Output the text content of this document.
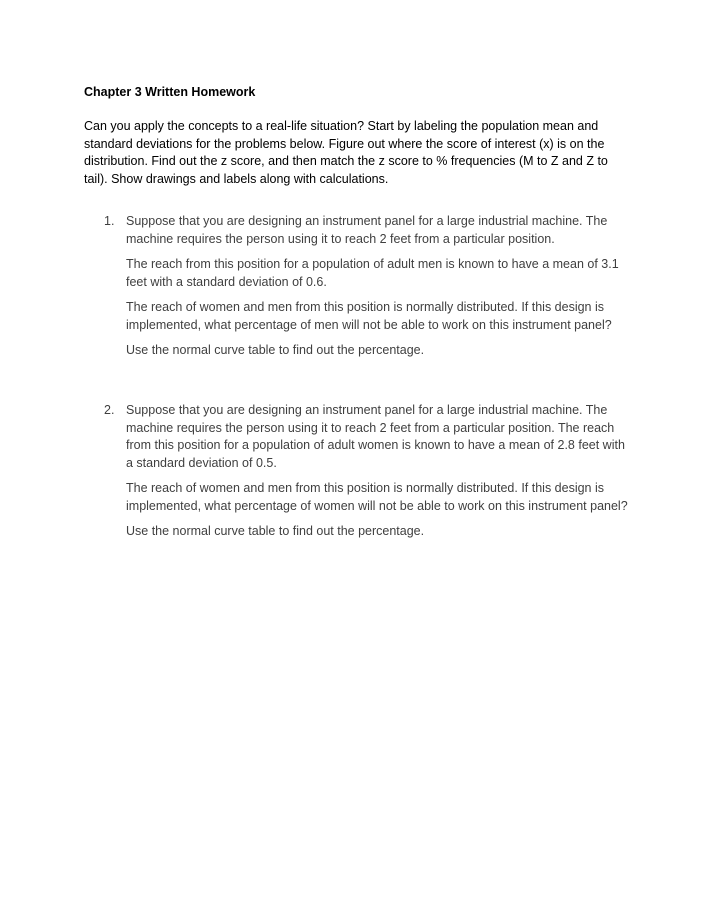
Chapter 3 Written Homework
Can you apply the concepts to a real-life situation? Start by labeling the population mean and standard deviations for the problems below. Figure out where the score of interest (x) is on the distribution. Find out the z score, and then match the z score to % frequencies (M to Z and Z to tail). Show drawings and labels along with calculations.
1. Suppose that you are designing an instrument panel for a large industrial machine. The machine requires the person using it to reach 2 feet from a particular position.

The reach from this position for a population of adult men is known to have a mean of 3.1 feet with a standard deviation of 0.6.

The reach of women and men from this position is normally distributed. If this design is implemented, what percentage of men will not be able to work on this instrument panel?

Use the normal curve table to find out the percentage.

2. Suppose that you are designing an instrument panel for a large industrial machine. The machine requires the person using it to reach 2 feet from a particular position. The reach from this position for a population of adult women is known to have a mean of 2.8 feet with a standard deviation of 0.5.

The reach of women and men from this position is normally distributed. If this design is implemented, what percentage of women will not be able to work on this instrument panel?

Use the normal curve table to find out the percentage.
